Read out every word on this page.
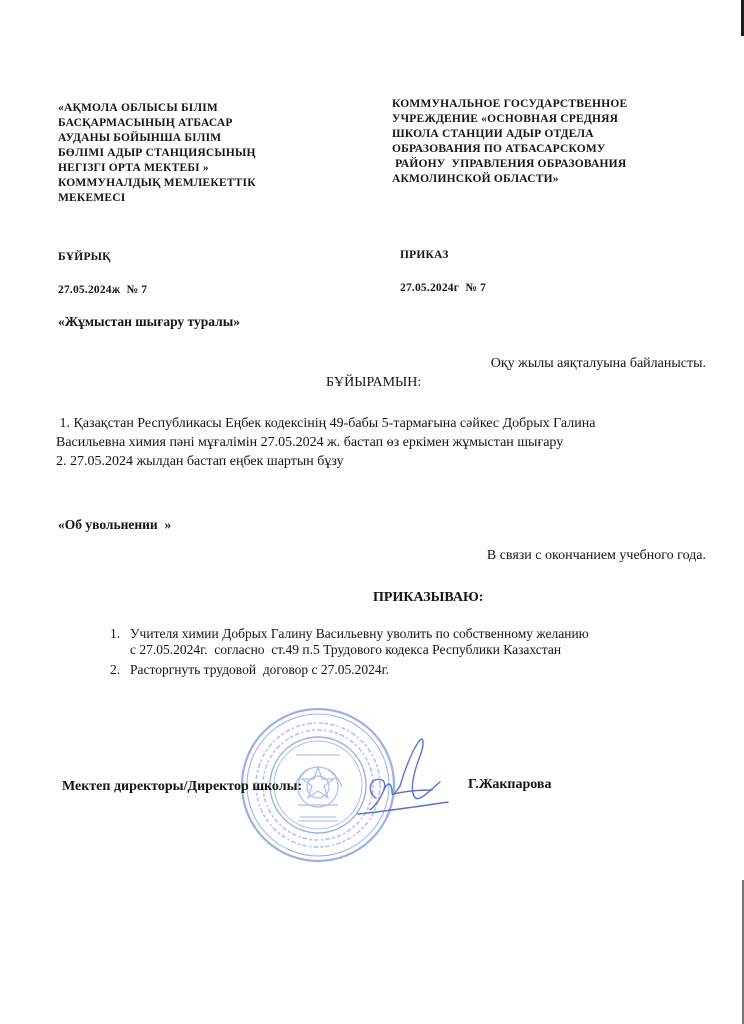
«АҚМОЛА ОБЛЫСЫ БІЛІМ
БАСҚАРМАСЫНЫҢ АТБАСАР
АУДАНЫ БОЙЫНША БІЛІМ
БӨЛІМІ АДЫР СТАНЦИЯСЫНЫҢ
НЕГІЗГІ ОРТА МЕКТЕБІ »
КОММУНАЛДЫҚ МЕМЛЕКЕТТІК
МЕКЕМЕСІ
КОММУНАЛЬНОЕ ГОСУДАРСТВЕННОЕ
УЧРЕЖДЕНИЕ «ОСНОВНАЯ СРЕДНЯЯ
ШКОЛА СТАНЦИИ АДЫР ОТДЕЛА
ОБРАЗОВАНИЯ ПО АТБАСАРСКОМУ
РАЙОНУ  УПРАВЛЕНИЯ ОБРАЗОВАНИЯ
АКМОЛИНСКОЙ ОБЛАСТИ»
БҰЙРЫҚ	ПРИКАЗ
27.05.2024ж  № 7	27.05.2024г  № 7
«Жұмыстан шығару туралы»
Оқу жылы аяқталуына байланысты.
БҰЙЫРАМЫН:
1. Қазақстан Республикасы Еңбек кодексінің 49-бабы 5-тармағына сәйкес Добрых Галина
Васильевна химия пәні мұғалімін 27.05.2024 ж. бастап өз еркімен жұмыстан шығару
2. 27.05.2024 жылдан бастап еңбек шартын бұзу
«Об увольнении  »
В связи с окончанием учебного года.
ПРИКАЗЫВАЮ:
1. Учителя химии Добрых Галину Васильевну уволить по собственному желанию
с 27.05.2024г.  согласно  ст.49 п.5 Трудового кодекса Республики Казахстан
2. Расторгнуть трудовой  договор с 27.05.2024г.
Мектеп директоры/Директор школы:	Г.Жакпарова
